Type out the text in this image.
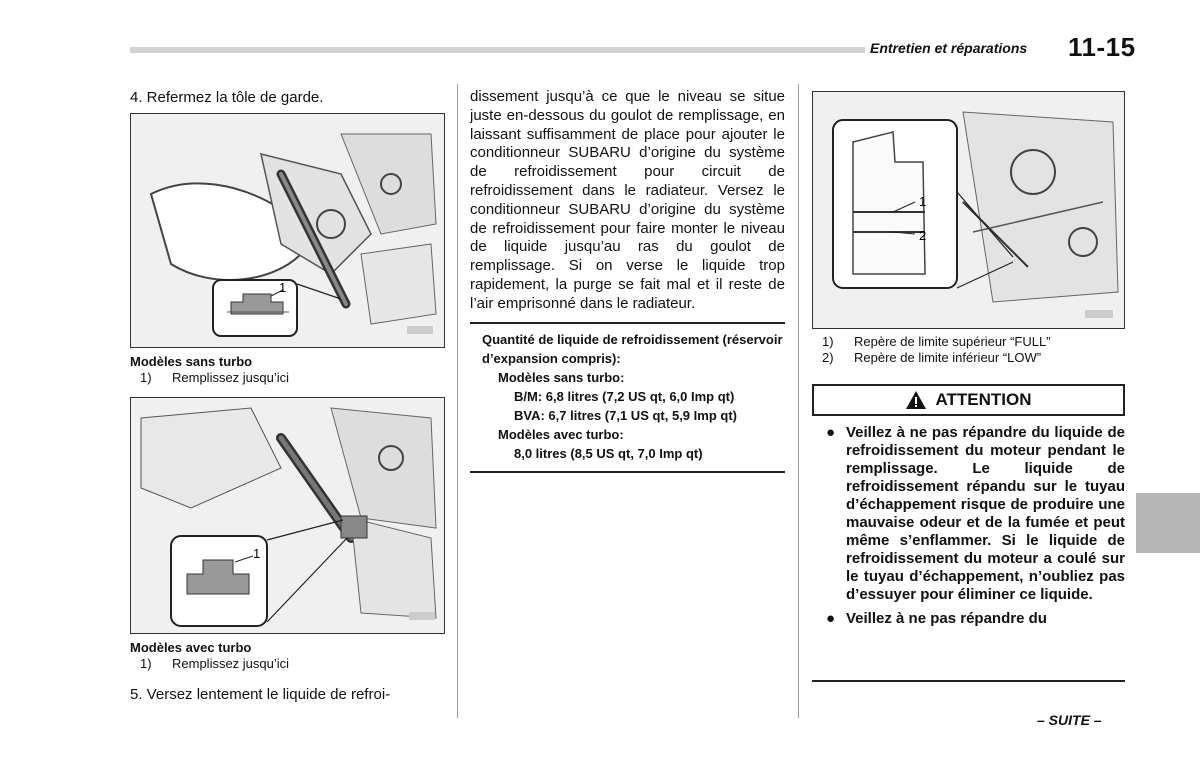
Entretien et réparations 11-15

4. Refermez la tôle de garde.

1
Modèles sans turbo
1) Remplissez jusqu’ici
1
Modèles avec turbo
1) Remplissez jusqu’ici

5. Versez lentement le liquide de refroi-

dissement jusqu’à ce que le niveau se situe juste en-dessous du goulot de remplissage, en laissant suffisamment de place pour ajouter le conditionneur SUBARU d’origine du système de refroidissement pour circuit de refroidissement dans le radiateur. Versez le conditionneur SUBARU d’origine du système de refroidissement pour faire monter le niveau de liquide jusqu’au ras du goulot de remplissage. Si on verse le liquide trop rapidement, la purge se fait mal et il reste de l’air emprisonné dans le radiateur.

Quantité de liquide de refroidissement (réservoir d’expansion compris):
Modèles sans turbo:
B/M: 6,8 litres (7,2 US qt, 6,0 Imp qt)
BVA: 6,7 litres (7,1 US qt, 5,9 Imp qt)
Modèles avec turbo:
8,0 litres (8,5 US qt, 7,0 Imp qt)
1
2
1) Repère de limite supérieur “FULL”
2) Repère de limite inférieur “LOW”
ATTENTION
● Veillez à ne pas répandre du liquide de refroidissement du moteur pendant le remplissage. Le liquide de refroidissement répandu sur le tuyau d’échappement risque de produire une mauvaise odeur et de la fumée et peut même s’enflammer. Si le liquide de refroidissement du moteur a coulé sur le tuyau d’échappement, n’oubliez pas d’essuyer pour éliminer ce liquide.
● Veillez à ne pas répandre du
– SUITE –
